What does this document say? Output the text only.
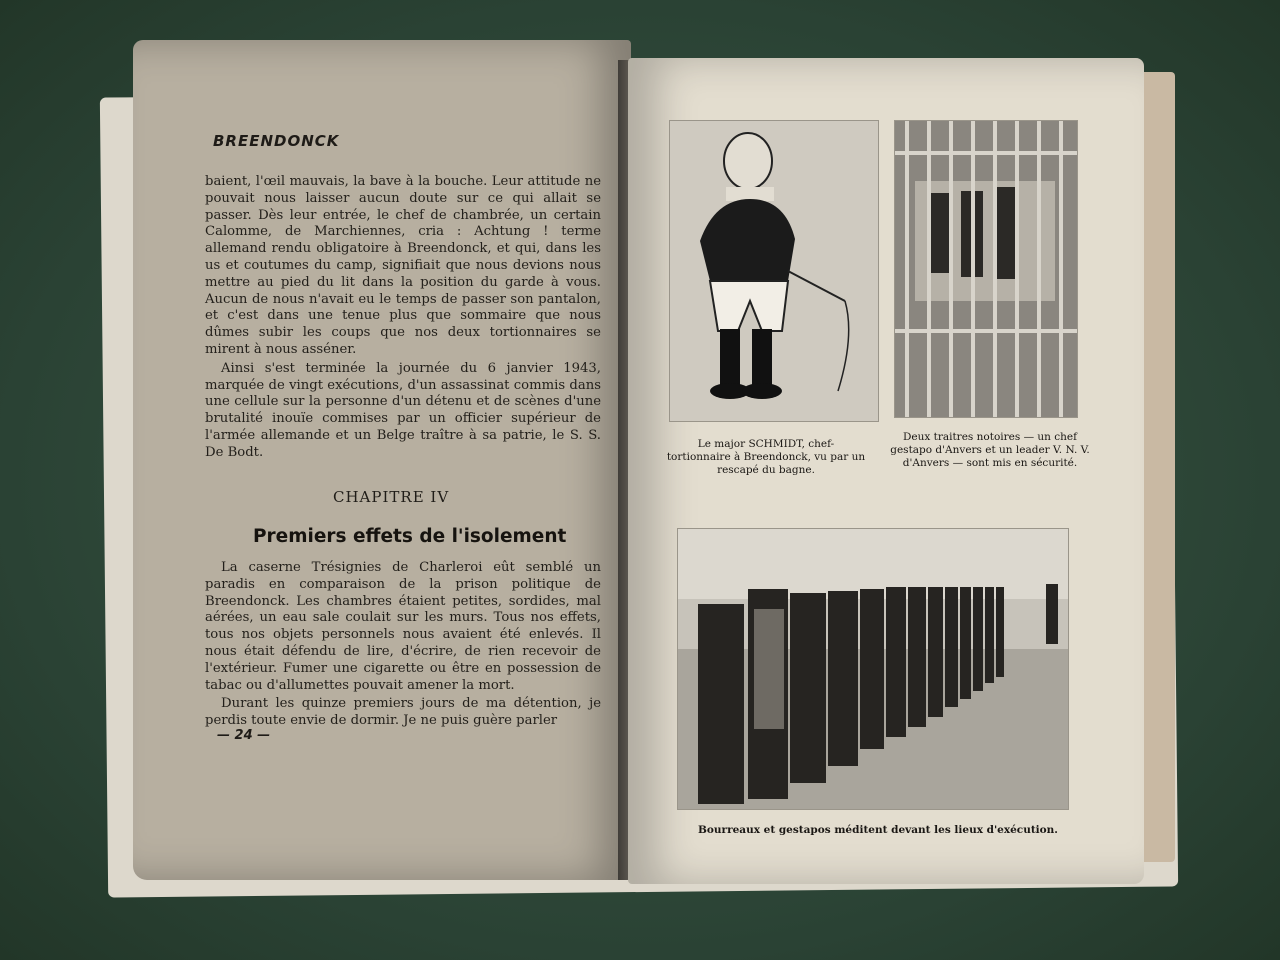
BREENDONCK

baient, l'œil mauvais, la bave à la bouche. Leur attitude ne pouvait nous laisser aucun doute sur ce qui allait se passer. Dès leur entrée, le chef de chambrée, un certain Calomme, de Marchiennes, cria : Achtung ! terme allemand rendu obligatoire à Breendonck, et qui, dans les us et coutumes du camp, signifiait que nous devions nous mettre au pied du lit dans la position du garde à vous. Aucun de nous n'avait eu le temps de passer son pantalon, et c'est dans une tenue plus que sommaire que nous dûmes subir les coups que nos deux tortionnaires se mirent à nous asséner.

Ainsi s'est terminée la journée du 6 janvier 1943, marquée de vingt exécutions, d'un assassinat commis dans une cellule sur la personne d'un détenu et de scènes d'une brutalité inouïe commises par un officier supérieur de l'armée allemande et un Belge traître à sa patrie, le S. S. De Bodt.

CHAPITRE IV
Premiers effets de l'isolement

La caserne Trésignies de Charleroi eût semblé un paradis en comparaison de la prison politique de Breendonck. Les chambres étaient petites, sordides, mal aérées, un eau sale coulait sur les murs. Tous nos effets, tous nos objets personnels nous avaient été enlevés. Il nous était défendu de lire, d'écrire, de rien recevoir de l'extérieur. Fumer une cigarette ou être en possession de tabac ou d'allumettes pouvait amener la mort.

Durant les quinze premiers jours de ma détention, je perdis toute envie de dormir. Je ne puis guère parler

— 24 —
Le major SCHMIDT, chef-tortionnaire à Breendonck, vu par un rescapé du bagne.
Deux traitres notoires — un chef gestapo d'Anvers et un leader V. N. V. d'Anvers — sont mis en sécurité.
Bourreaux et gestapos méditent devant les lieux d'exécution.
